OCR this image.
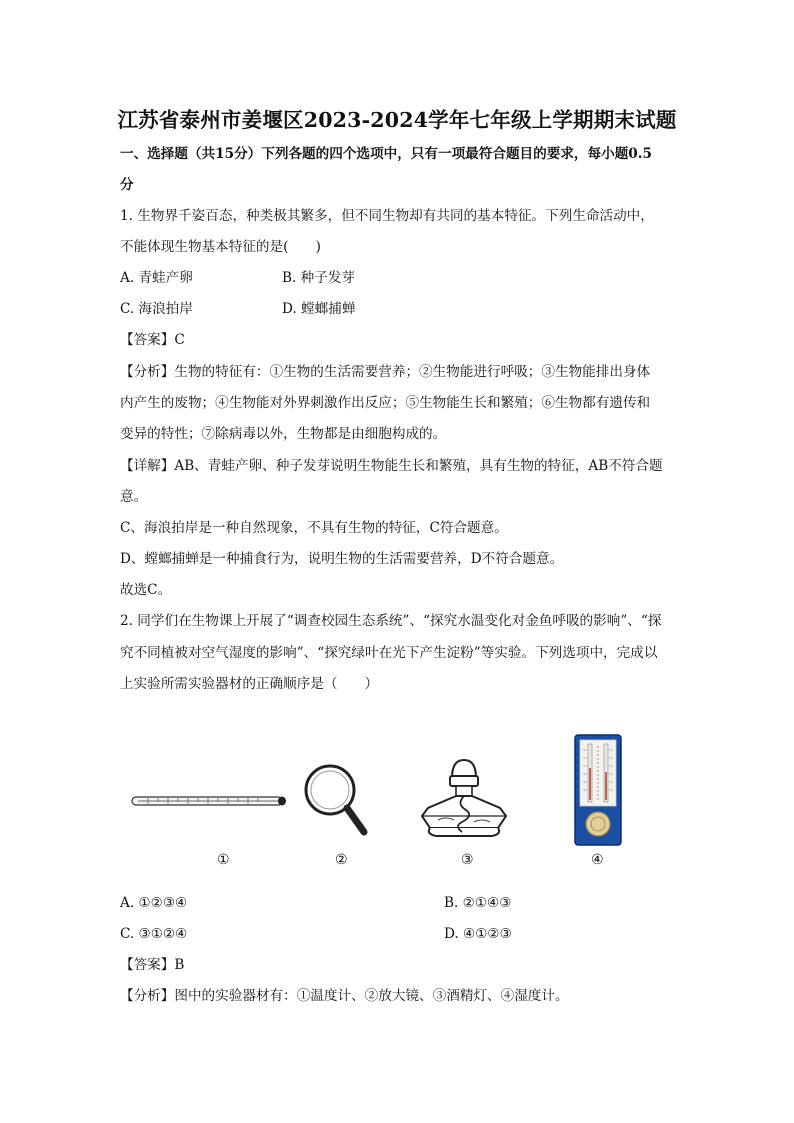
江苏省泰州市姜堰区2023-2024学年七年级上学期期末试题
一、选择题（共15分）下列各题的四个选项中，只有一项最符合题目的要求，每小题0.5
分
1. 生物界千姿百态，种类极其繁多，但不同生物却有共同的基本特征。下列生命活动中，
不能体现生物基本特征的是(　　)
A. 青蛙产卵	B. 种子发芽
C. 海浪拍岸	D. 螳螂捕蝉
【答案】C
【分析】生物的特征有：①生物的生活需要营养；②生物能进行呼吸；③生物能排出身体
内产生的废物；④生物能对外界刺激作出反应；⑤生物能生长和繁殖；⑥生物都有遗传和
变异的特性；⑦除病毒以外，生物都是由细胞构成的。
【详解】AB、青蛙产卵、种子发芽说明生物能生长和繁殖，具有生物的特征，AB不符合题
意。
C、海浪拍岸是一种自然现象，不具有生物的特征，C符合题意。
D、螳螂捕蝉是一种捕食行为，说明生物的生活需要营养，D不符合题意。
故选C。
2. 同学们在生物课上开展了“调查校园生态系统”、“探究水温变化对金鱼呼吸的影响”、“探
究不同植被对空气湿度的影响”、“探究绿叶在光下产生淀粉”等实验。下列选项中，完成以
上实验所需实验器材的正确顺序是（　　）
①	②	③	④
A. ①②③④	B. ②①④③
C. ③①②④	D. ④①②③
【答案】B
【分析】图中的实验器材有：①温度计、②放大镜、③酒精灯、④湿度计。
